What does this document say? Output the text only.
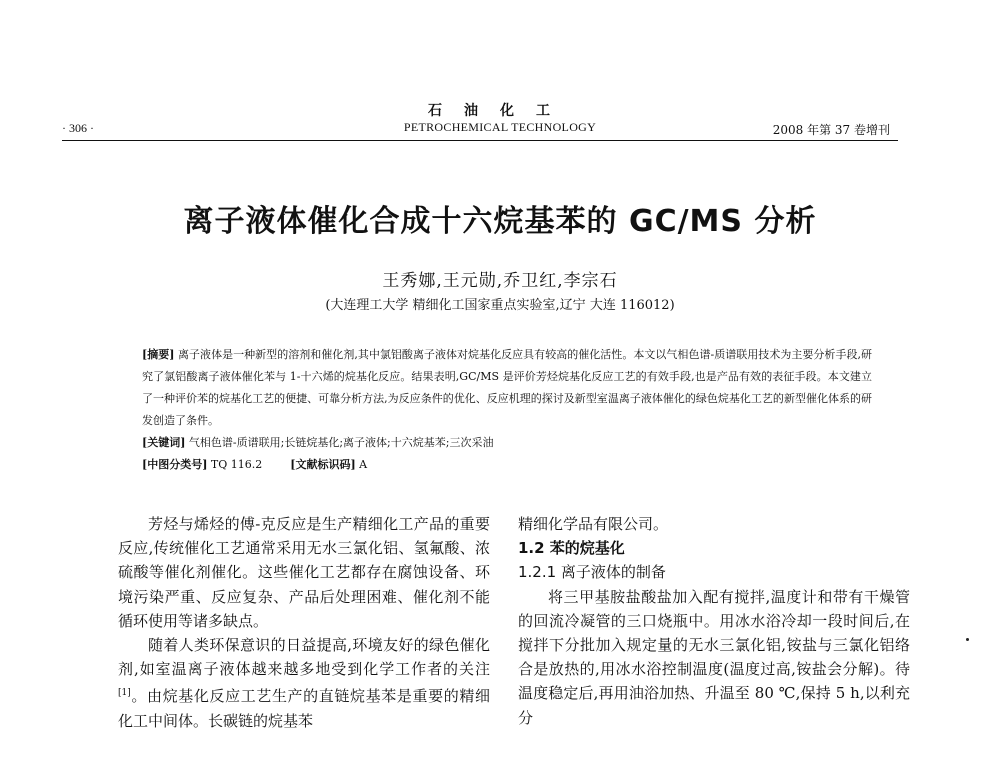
石油化工
PETROCHEMICAL TECHNOLOGY
· 306 ·	2008 年第 37 卷增刊
离子液体催化合成十六烷基苯的 GC/MS 分析
王秀娜,王元勋,乔卫红,李宗石
(大连理工大学 精细化工国家重点实验室,辽宁 大连 116012)

[摘要] 离子液体是一种新型的溶剂和催化剂,其中氯铝酸离子液体对烷基化反应具有较高的催化活性。本文以气相色谱-质谱联用技术为主要分析手段,研究了氯铝酸离子液体催化苯与 1-十六烯的烷基化反应。结果表明,GC/MS 是评价芳烃烷基化反应工艺的有效手段,也是产品有效的表征手段。本文建立了一种评价苯的烷基化工艺的便捷、可靠分析方法,为反应条件的优化、反应机理的探讨及新型室温离子液体催化的绿色烷基化工艺的新型催化体系的研发创造了条件。

[关键词] 气相色谱-质谱联用;长链烷基化;离子液体;十六烷基苯;三次采油
[中图分类号] TQ 116.2	[文献标识码] A

芳烃与烯烃的傅-克反应是生产精细化工产品的重要反应,传统催化工艺通常采用无水三氯化铝、氢氟酸、浓硫酸等催化剂催化。这些催化工艺都存在腐蚀设备、环境污染严重、反应复杂、产品后处理困难、催化剂不能循环使用等诸多缺点。

随着人类环保意识的日益提高,环境友好的绿色催化剂,如室温离子液体越来越多地受到化学工作者的关注[1]。由烷基化反应工艺生产的直链烷基苯是重要的精细化工中间体。长碳链的烷基苯

精细化学品有限公司。

1.2 苯的烷基化

1.2.1 离子液体的制备

将三甲基胺盐酸盐加入配有搅拌,温度计和带有干燥管的回流冷凝管的三口烧瓶中。用冰水浴冷却一段时间后,在搅拌下分批加入规定量的无水三氯化铝,铵盐与三氯化铝络合是放热的,用冰水浴控制温度(温度过高,铵盐会分解)。待温度稳定后,再用油浴加热、升温至 80 ℃,保持 5 h,以利充分
